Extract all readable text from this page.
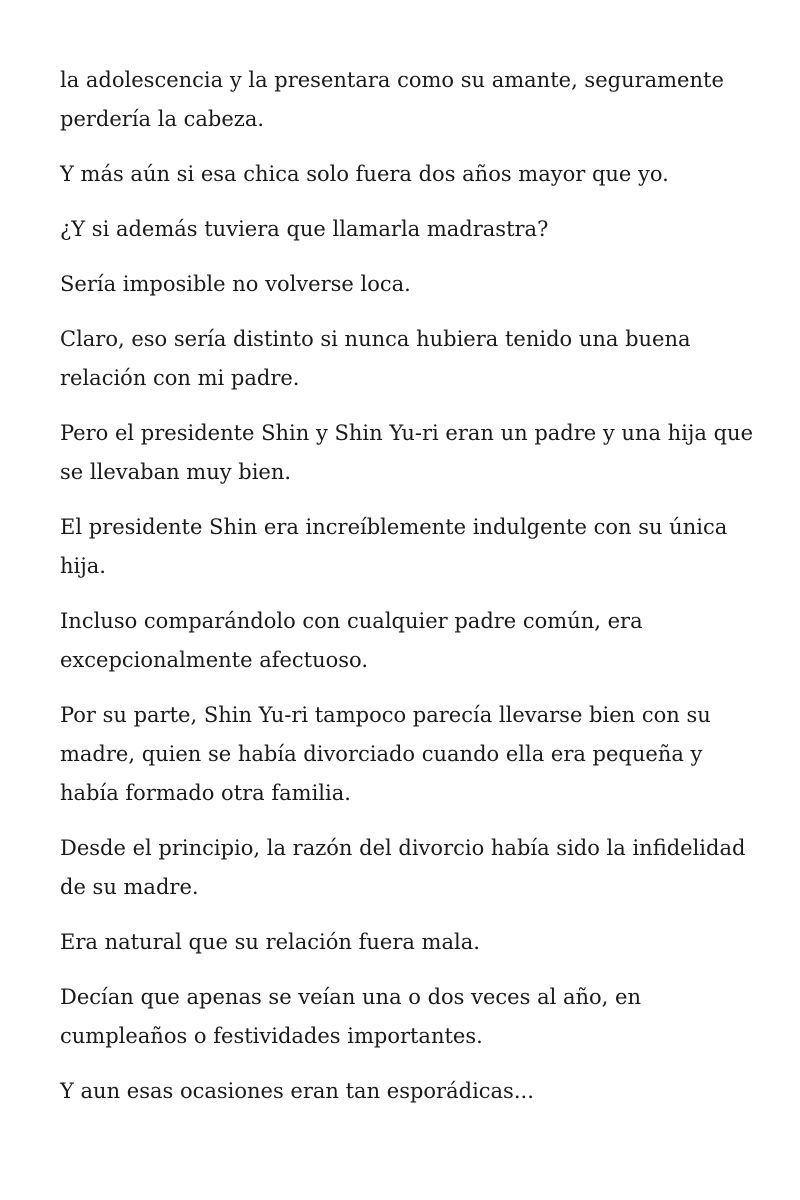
la adolescencia y la presentara como su amante, seguramente perdería la cabeza.

Y más aún si esa chica solo fuera dos años mayor que yo.

¿Y si además tuviera que llamarla madrastra?

Sería imposible no volverse loca.

Claro, eso sería distinto si nunca hubiera tenido una buena relación con mi padre.

Pero el presidente Shin y Shin Yu-ri eran un padre y una hija que se llevaban muy bien.

El presidente Shin era increíblemente indulgente con su única hija.

Incluso comparándolo con cualquier padre común, era excepcionalmente afectuoso.

Por su parte, Shin Yu-ri tampoco parecía llevarse bien con su madre, quien se había divorciado cuando ella era pequeña y había formado otra familia.

Desde el principio, la razón del divorcio había sido la infidelidad de su madre.

Era natural que su relación fuera mala.

Decían que apenas se veían una o dos veces al año, en cumpleaños o festividades importantes.

Y aun esas ocasiones eran tan esporádicas...
